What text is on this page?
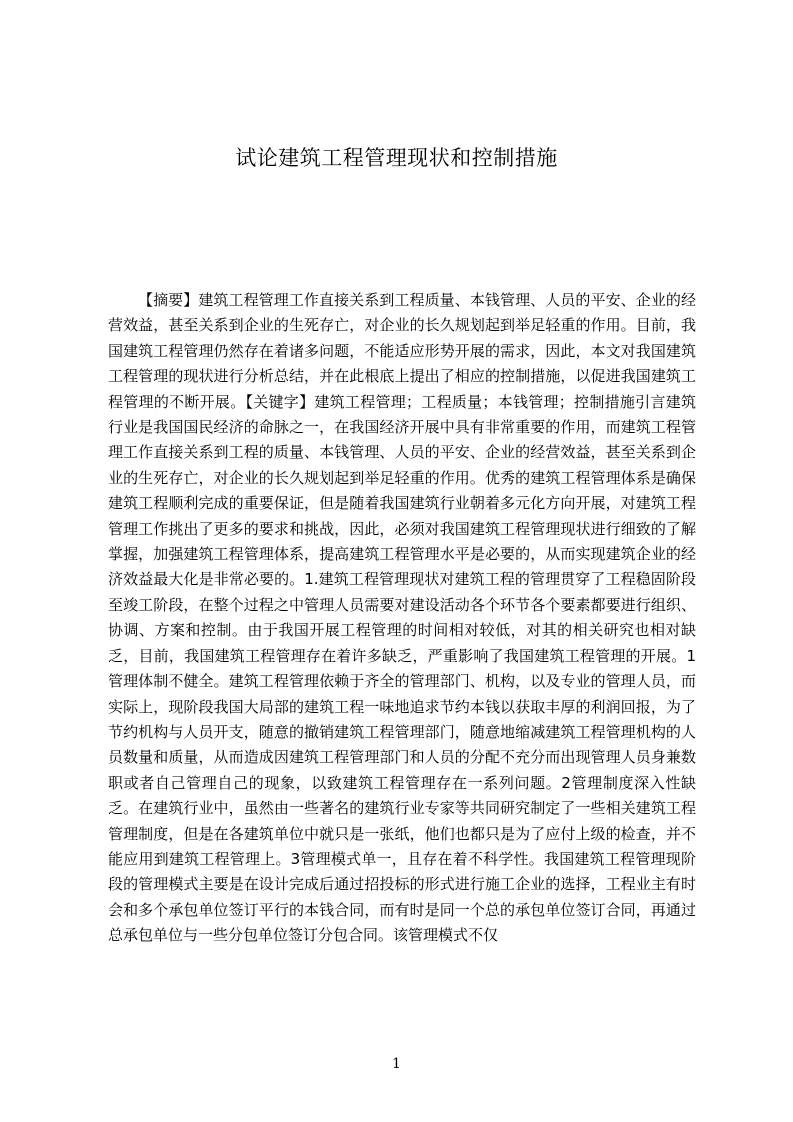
试论建筑工程管理现状和控制措施

【摘要】建筑工程管理工作直接关系到工程质量、本钱管理、人员的平安、企业的经营效益，甚至关系到企业的生死存亡，对企业的长久规划起到举足轻重的作用。目前，我国建筑工程管理仍然存在着诸多问题，不能适应形势开展的需求，因此，本文对我国建筑工程管理的现状进行分析总结，并在此根底上提出了相应的控制措施，以促进我国建筑工程管理的不断开展。【关键字】建筑工程管理；工程质量；本钱管理；控制措施引言建筑行业是我国国民经济的命脉之一，在我国经济开展中具有非常重要的作用，而建筑工程管理工作直接关系到工程的质量、本钱管理、人员的平安、企业的经营效益，甚至关系到企业的生死存亡，对企业的长久规划起到举足轻重的作用。优秀的建筑工程管理体系是确保建筑工程顺利完成的重要保证，但是随着我国建筑行业朝着多元化方向开展，对建筑工程管理工作挑出了更多的要求和挑战，因此，必须对我国建筑工程管理现状进行细致的了解掌握，加强建筑工程管理体系，提高建筑工程管理水平是必要的，从而实现建筑企业的经济效益最大化是非常必要的。1.建筑工程管理现状对建筑工程的管理贯穿了工程稳固阶段至竣工阶段，在整个过程之中管理人员需要对建设活动各个环节各个要素都要进行组织、协调、方案和控制。由于我国开展工程管理的时间相对较低，对其的相关研究也相对缺乏，目前，我国建筑工程管理存在着许多缺乏，严重影响了我国建筑工程管理的开展。1管理体制不健全。建筑工程管理依赖于齐全的管理部门、机构，以及专业的管理人员，而实际上，现阶段我国大局部的建筑工程一味地追求节约本钱以获取丰厚的利润回报，为了节约机构与人员开支，随意的撤销建筑工程管理部门，随意地缩减建筑工程管理机构的人员数量和质量，从而造成因建筑工程管理部门和人员的分配不充分而出现管理人员身兼数职或者自己管理自己的现象，以致建筑工程管理存在一系列问题。2管理制度深入性缺乏。在建筑行业中，虽然由一些著名的建筑行业专家等共同研究制定了一些相关建筑工程管理制度，但是在各建筑单位中就只是一张纸，他们也都只是为了应付上级的检查，并不能应用到建筑工程管理上。3管理模式单一，且存在着不科学性。我国建筑工程管理现阶段的管理模式主要是在设计完成后通过招投标的形式进行施工企业的选择，工程业主有时会和多个承包单位签订平行的本钱合同，而有时是同一个总的承包单位签订合同，再通过总承包单位与一些分包单位签订分包合同。该管理模式不仅

1
